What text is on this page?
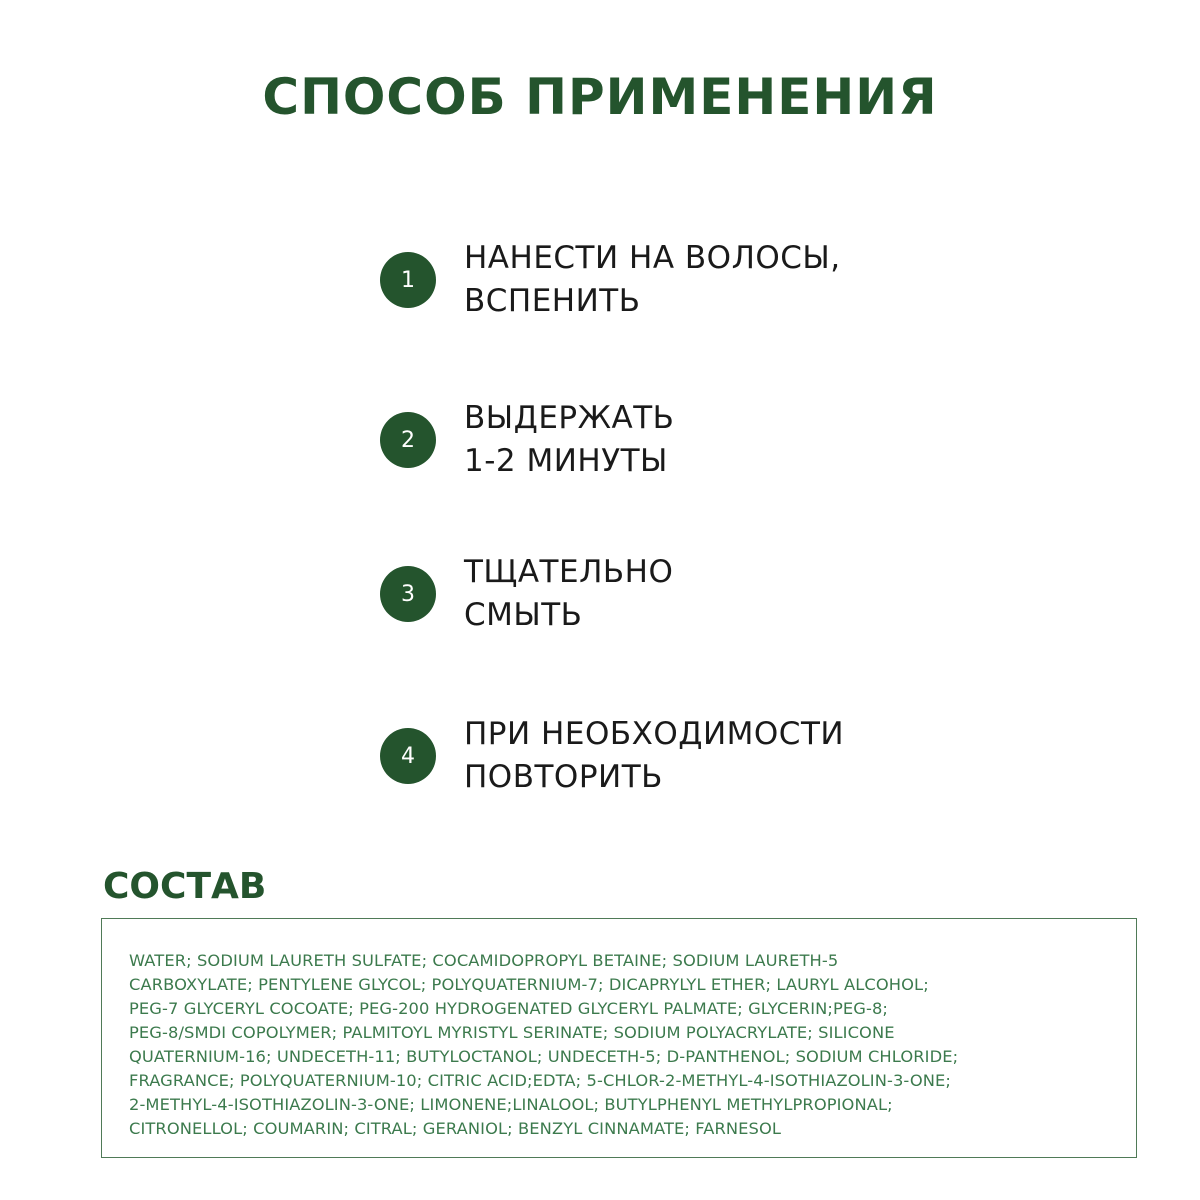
СПОСОБ ПРИМЕНЕНИЯ
1
НАНЕСТИ НА ВОЛОСЫ,
ВСПЕНИТЬ
2
ВЫДЕРЖАТЬ
1-2 МИНУТЫ
3
ТЩАТЕЛЬНО
СМЫТЬ
4
ПРИ НЕОБХОДИМОСТИ
ПОВТОРИТЬ
СОСТАВ

WATER; SODIUM LAURETH SULFATE; COCAMIDOPROPYL BETAINE; SODIUM LAURETH-5
CARBOXYLATE; PENTYLENE GLYCOL; POLYQUATERNIUM-7; DICAPRYLYL ETHER; LAURYL ALCOHOL;
PEG-7 GLYCERYL COCOATE; PEG-200 HYDROGENATED GLYCERYL PALMATE; GLYCERIN;PEG-8;
PEG-8/SMDI COPOLYMER; PALMITOYL MYRISTYL SERINATE; SODIUM POLYACRYLATE; SILICONE
QUATERNIUM-16; UNDECETH-11; BUTYLOCTANOL; UNDECETH-5; D-PANTHENOL; SODIUM CHLORIDE;
FRAGRANCE; POLYQUATERNIUM-10; CITRIC ACID;EDTA; 5-CHLOR-2-METHYL-4-ISOTHIAZOLIN-3-ONE;
2-METHYL-4-ISOTHIAZOLIN-3-ONE; LIMONENE;LINALOOL; BUTYLPHENYL METHYLPROPIONAL;
CITRONELLOL; COUMARIN; CITRAL; GERANIOL; BENZYL CINNAMATE; FARNESOL
